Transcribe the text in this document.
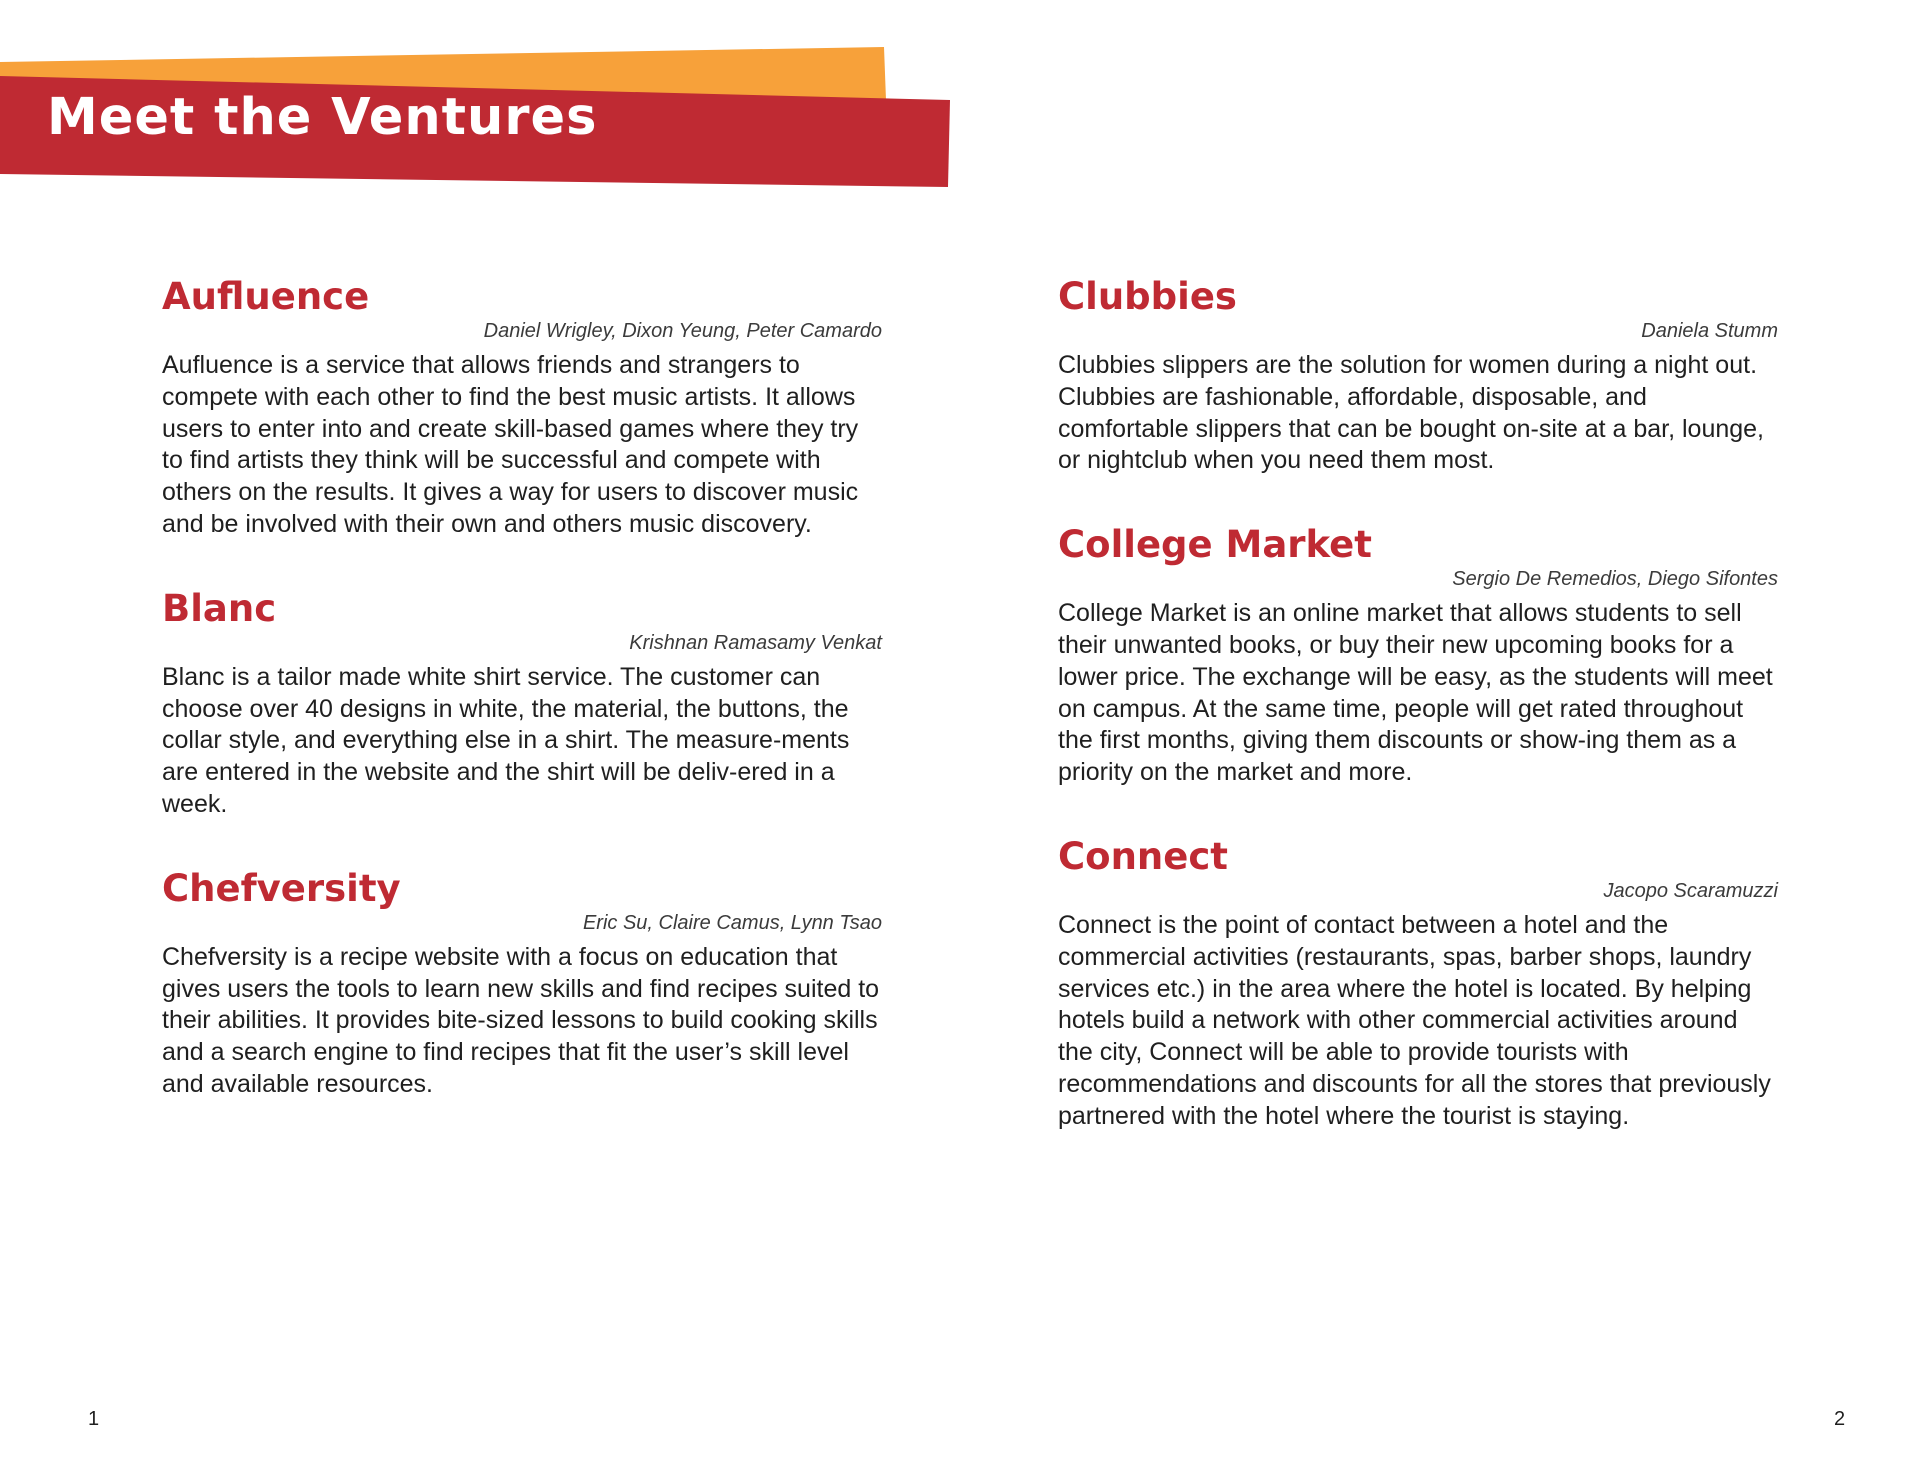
Meet the Ventures
Aufluence
Daniel Wrigley, Dixon Yeung, Peter Camardo

Aufluence is a service that allows friends and strangers to compete with each other to find the best music artists. It allows users to enter into and create skill-based games where they try to find artists they think will be successful and compete with others on the results. It gives a way for users to discover music and be involved with their own and others music discovery.

Blanc
Krishnan Ramasamy Venkat

Blanc is a tailor made white shirt service. The customer can choose over 40 designs in white, the material, the buttons, the collar style, and everything else in a shirt. The measure-ments are entered in the website and the shirt will be deliv-ered in a week.

Chefversity
Eric Su, Claire Camus, Lynn Tsao

Chefversity is a recipe website with a focus on education that gives users the tools to learn new skills and find recipes suited to their abilities. It provides bite-sized lessons to build cooking skills and a search engine to find recipes that fit the user’s skill level and available resources.

Clubbies
Daniela Stumm

Clubbies slippers are the solution for women during a night out. Clubbies are fashionable, affordable, disposable, and comfortable slippers that can be bought on-site at a bar, lounge, or nightclub when you need them most.

College Market
Sergio De Remedios, Diego Sifontes

College Market is an online market that allows students to sell their unwanted books, or buy their new upcoming books for a lower price. The exchange will be easy, as the students will meet on campus. At the same time, people will get rated throughout the first months, giving them discounts or show-ing them as a priority on the market and more.

Connect
Jacopo Scaramuzzi

Connect is the point of contact between a hotel and the commercial activities (restaurants, spas, barber shops, laundry services etc.) in the area where the hotel is located. By helping hotels build a network with other commercial activities around the city, Connect will be able to provide tourists with recommendations and discounts for all the stores that previously partnered with the hotel where the tourist is staying.

1	2
